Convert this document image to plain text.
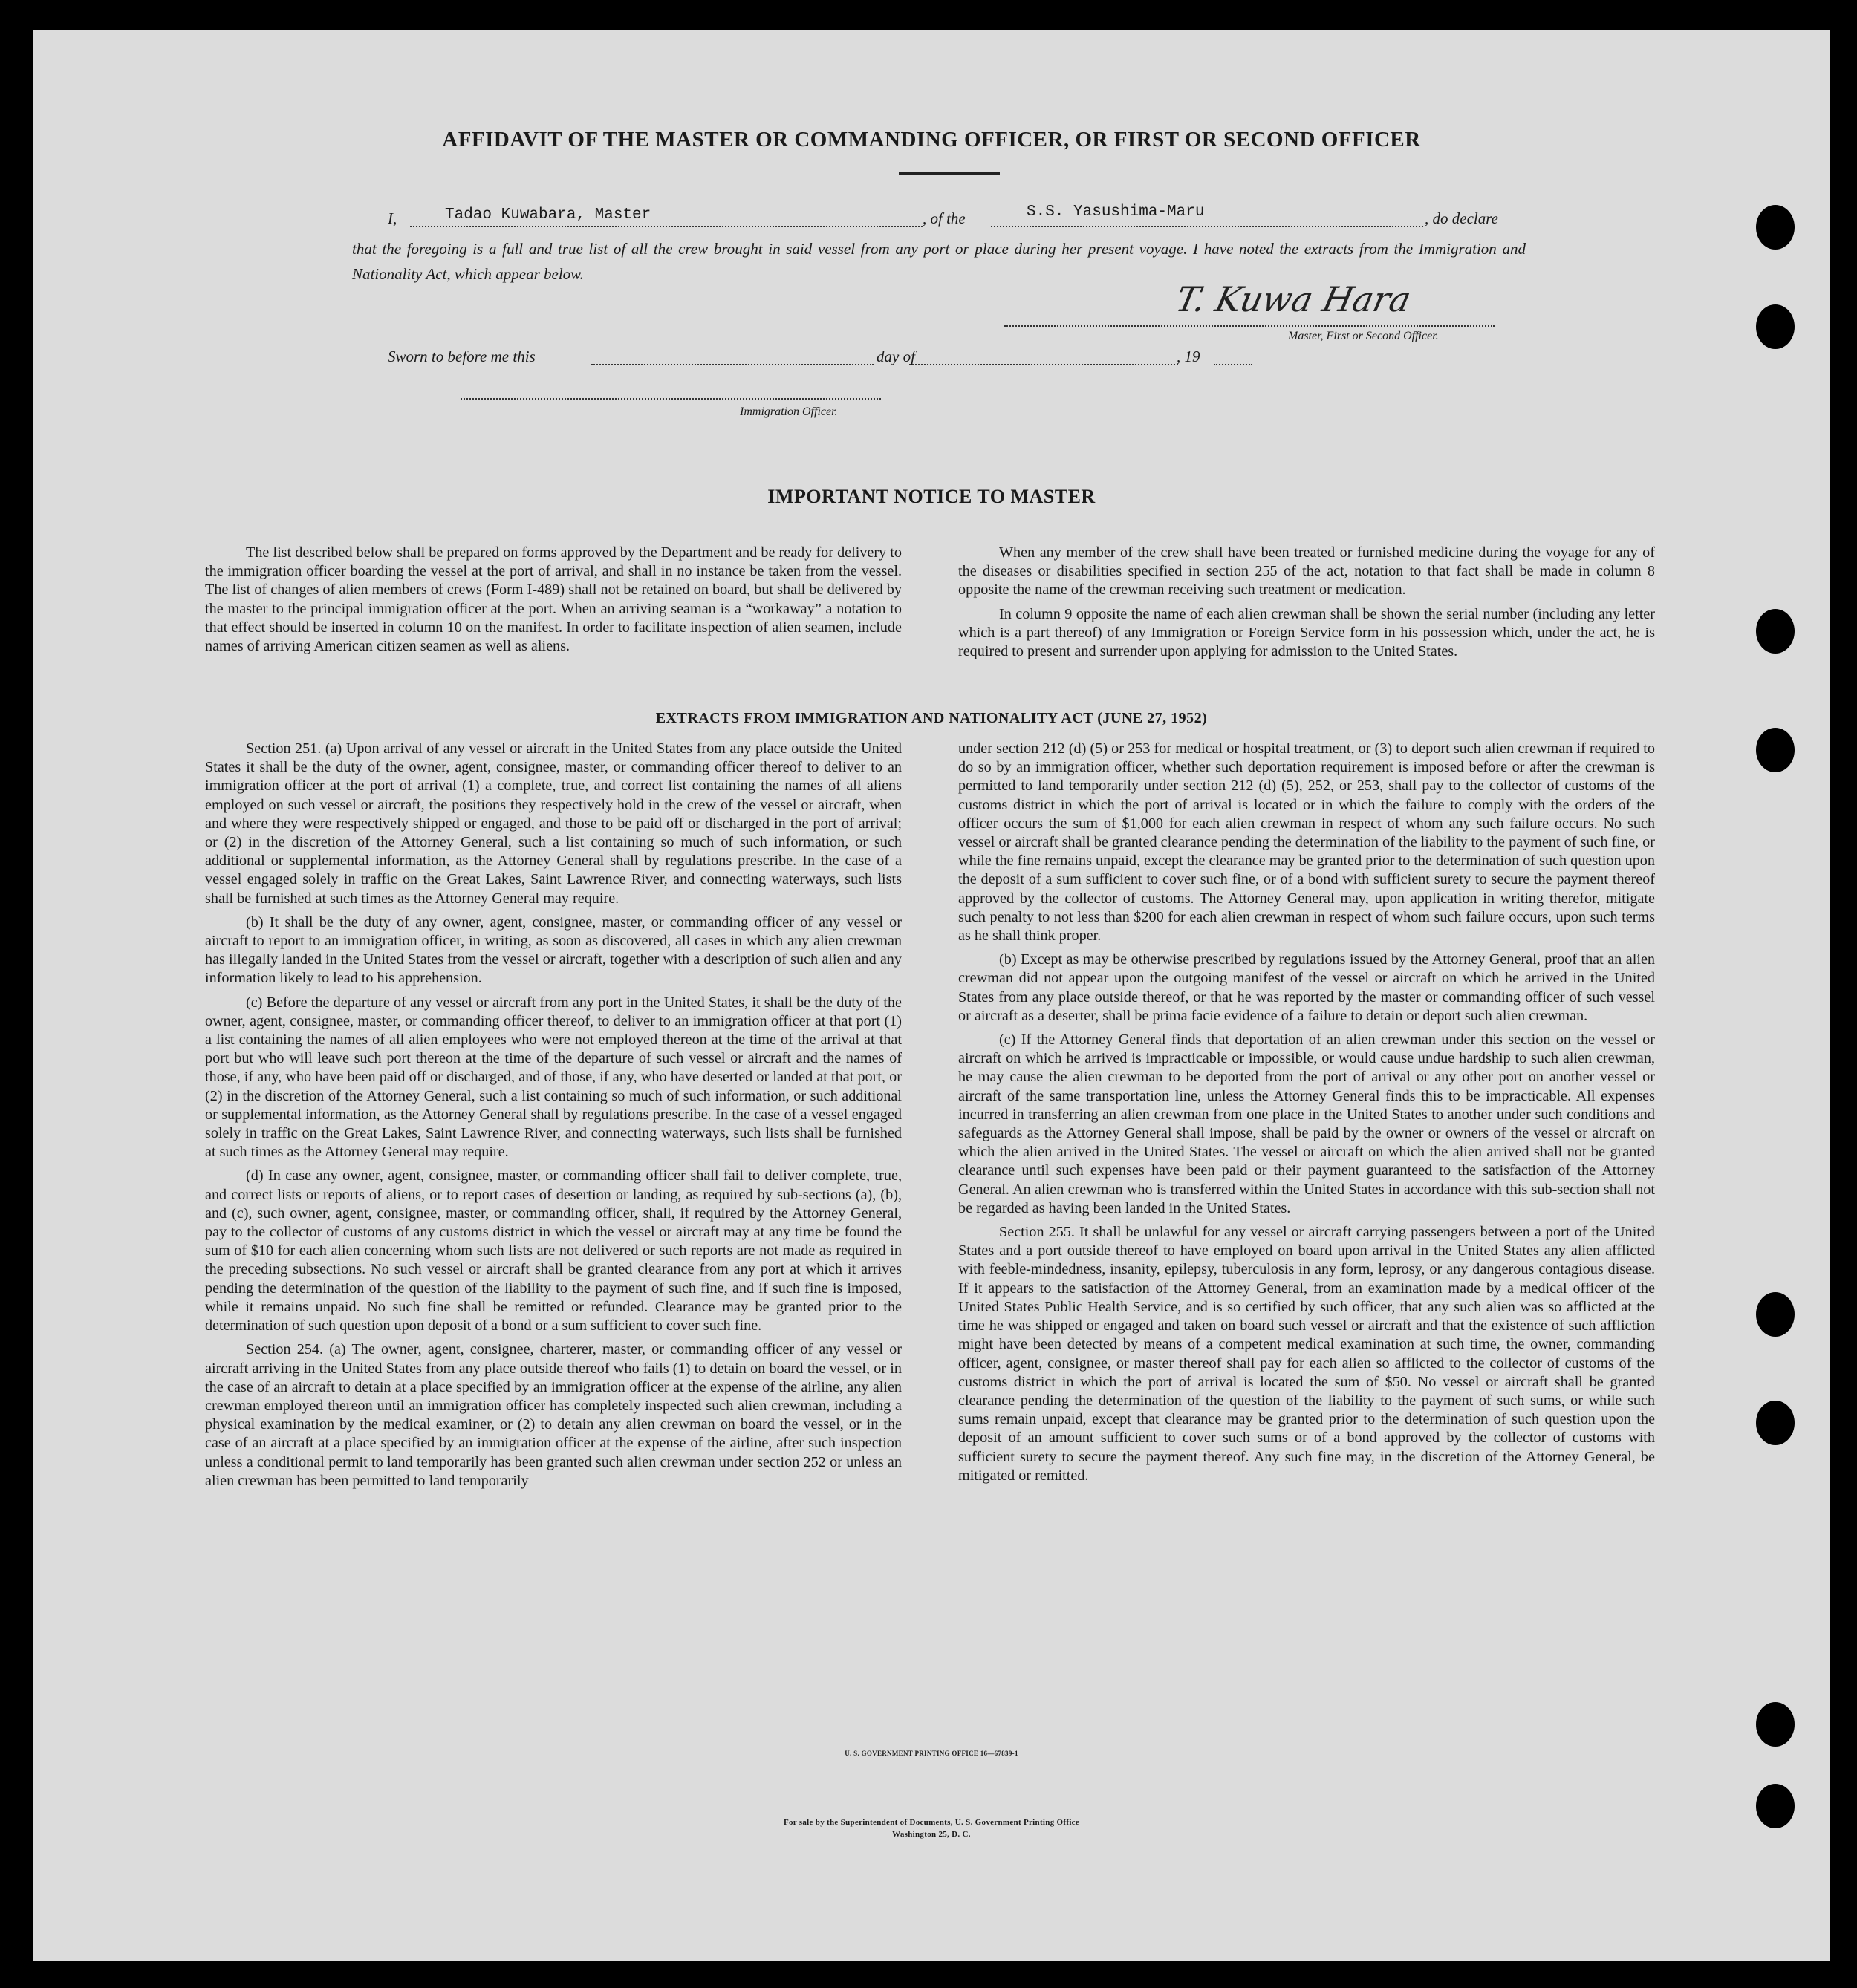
AFFIDAVIT OF THE MASTER OR COMMANDING OFFICER, OR FIRST OR SECOND OFFICER
I,	Tadao Kuwabara, Master	, of the	S.S. Yasushima-Maru	, do declare
that the foregoing is a full and true list of all the crew brought in said vessel from any port or place during her present voyage. I have noted the extracts from the Immigration and Nationality Act, which appear below.
T. Kuwa Hara
Master, First or Second Officer.
Sworn to before me this	day of	, 19
Immigration Officer.
IMPORTANT NOTICE TO MASTER

The list described below shall be prepared on forms approved by the Department and be ready for delivery to the immigration officer boarding the vessel at the port of arrival, and shall in no instance be taken from the vessel. The list of changes of alien members of crews (Form I-489) shall not be retained on board, but shall be delivered by the master to the principal immigration officer at the port. When an arriving seaman is a “workaway” a notation to that effect should be inserted in column 10 on the manifest. In order to facilitate inspection of alien seamen, include names of arriving American citizen seamen as well as aliens.

When any member of the crew shall have been treated or furnished medicine during the voyage for any of the diseases or disabilities specified in section 255 of the act, notation to that fact shall be made in column 8 opposite the name of the crewman receiving such treatment or medication.

In column 9 opposite the name of each alien crewman shall be shown the serial number (including any letter which is a part thereof) of any Immigration or Foreign Service form in his possession which, under the act, he is required to present and surrender upon applying for admission to the United States.

EXTRACTS FROM IMMIGRATION AND NATIONALITY ACT (JUNE 27, 1952)

Section 251. (a) Upon arrival of any vessel or aircraft in the United States from any place outside the United States it shall be the duty of the owner, agent, consignee, master, or commanding officer thereof to deliver to an immigration officer at the port of arrival (1) a complete, true, and correct list containing the names of all aliens employed on such vessel or aircraft, the positions they respectively hold in the crew of the vessel or aircraft, when and where they were respectively shipped or engaged, and those to be paid off or discharged in the port of arrival; or (2) in the discretion of the Attorney General, such a list containing so much of such information, or such additional or supplemental information, as the Attorney General shall by regulations prescribe. In the case of a vessel engaged solely in traffic on the Great Lakes, Saint Lawrence River, and connecting waterways, such lists shall be furnished at such times as the Attorney General may require.

(b) It shall be the duty of any owner, agent, consignee, master, or commanding officer of any vessel or aircraft to report to an immigration officer, in writing, as soon as discovered, all cases in which any alien crewman has illegally landed in the United States from the vessel or aircraft, together with a description of such alien and any information likely to lead to his apprehension.

(c) Before the departure of any vessel or aircraft from any port in the United States, it shall be the duty of the owner, agent, consignee, master, or commanding officer thereof, to deliver to an immigration officer at that port (1) a list containing the names of all alien employees who were not employed thereon at the time of the arrival at that port but who will leave such port thereon at the time of the departure of such vessel or aircraft and the names of those, if any, who have been paid off or discharged, and of those, if any, who have deserted or landed at that port, or (2) in the discretion of the Attorney General, such a list containing so much of such information, or such additional or supplemental information, as the Attorney General shall by regulations prescribe. In the case of a vessel engaged solely in traffic on the Great Lakes, Saint Lawrence River, and connecting waterways, such lists shall be furnished at such times as the Attorney General may require.

(d) In case any owner, agent, consignee, master, or commanding officer shall fail to deliver complete, true, and correct lists or reports of aliens, or to report cases of desertion or landing, as required by sub-sections (a), (b), and (c), such owner, agent, consignee, master, or commanding officer, shall, if required by the Attorney General, pay to the collector of customs of any customs district in which the vessel or aircraft may at any time be found the sum of $10 for each alien concerning whom such lists are not delivered or such reports are not made as required in the preceding subsections. No such vessel or aircraft shall be granted clearance from any port at which it arrives pending the determination of the question of the liability to the payment of such fine, and if such fine is imposed, while it remains unpaid. No such fine shall be remitted or refunded. Clearance may be granted prior to the determination of such question upon deposit of a bond or a sum sufficient to cover such fine.

Section 254. (a) The owner, agent, consignee, charterer, master, or commanding officer of any vessel or aircraft arriving in the United States from any place outside thereof who fails (1) to detain on board the vessel, or in the case of an aircraft to detain at a place specified by an immigration officer at the expense of the airline, any alien crewman employed thereon until an immigration officer has completely inspected such alien crewman, including a physical examination by the medical examiner, or (2) to detain any alien crewman on board the vessel, or in the case of an aircraft at a place specified by an immigration officer at the expense of the airline, after such inspection unless a conditional permit to land temporarily has been granted such alien crewman under section 252 or unless an alien crewman has been permitted to land temporarily

under section 212 (d) (5) or 253 for medical or hospital treatment, or (3) to deport such alien crewman if required to do so by an immigration officer, whether such deportation requirement is imposed before or after the crewman is permitted to land temporarily under section 212 (d) (5), 252, or 253, shall pay to the collector of customs of the customs district in which the port of arrival is located or in which the failure to comply with the orders of the officer occurs the sum of $1,000 for each alien crewman in respect of whom any such failure occurs. No such vessel or aircraft shall be granted clearance pending the determination of the liability to the payment of such fine, or while the fine remains unpaid, except the clearance may be granted prior to the determination of such question upon the deposit of a sum sufficient to cover such fine, or of a bond with sufficient surety to secure the payment thereof approved by the collector of customs. The Attorney General may, upon application in writing therefor, mitigate such penalty to not less than $200 for each alien crewman in respect of whom such failure occurs, upon such terms as he shall think proper.

(b) Except as may be otherwise prescribed by regulations issued by the Attorney General, proof that an alien crewman did not appear upon the outgoing manifest of the vessel or aircraft on which he arrived in the United States from any place outside thereof, or that he was reported by the master or commanding officer of such vessel or aircraft as a deserter, shall be prima facie evidence of a failure to detain or deport such alien crewman.

(c) If the Attorney General finds that deportation of an alien crewman under this section on the vessel or aircraft on which he arrived is impracticable or impossible, or would cause undue hardship to such alien crewman, he may cause the alien crewman to be deported from the port of arrival or any other port on another vessel or aircraft of the same transportation line, unless the Attorney General finds this to be impracticable. All expenses incurred in transferring an alien crewman from one place in the United States to another under such conditions and safeguards as the Attorney General shall impose, shall be paid by the owner or owners of the vessel or aircraft on which the alien arrived in the United States. The vessel or aircraft on which the alien arrived shall not be granted clearance until such expenses have been paid or their payment guaranteed to the satisfaction of the Attorney General. An alien crewman who is transferred within the United States in accordance with this sub-section shall not be regarded as having been landed in the United States.

Section 255. It shall be unlawful for any vessel or aircraft carrying passengers between a port of the United States and a port outside thereof to have employed on board upon arrival in the United States any alien afflicted with feeble-mindedness, insanity, epilepsy, tuberculosis in any form, leprosy, or any dangerous contagious disease. If it appears to the satisfaction of the Attorney General, from an examination made by a medical officer of the United States Public Health Service, and is so certified by such officer, that any such alien was so afflicted at the time he was shipped or engaged and taken on board such vessel or aircraft and that the existence of such affliction might have been detected by means of a competent medical examination at such time, the owner, commanding officer, agent, consignee, or master thereof shall pay for each alien so afflicted to the collector of customs of the customs district in which the port of arrival is located the sum of $50. No vessel or aircraft shall be granted clearance pending the determination of the question of the liability to the payment of such sums, or while such sums remain unpaid, except that clearance may be granted prior to the determination of such question upon the deposit of an amount sufficient to cover such sums or of a bond approved by the collector of customs with sufficient surety to secure the payment thereof. Any such fine may, in the discretion of the Attorney General, be mitigated or remitted.

U. S. GOVERNMENT PRINTING OFFICE 16—67839-1
For sale by the Superintendent of Documents, U. S. Government Printing Office
Washington 25, D. C.
